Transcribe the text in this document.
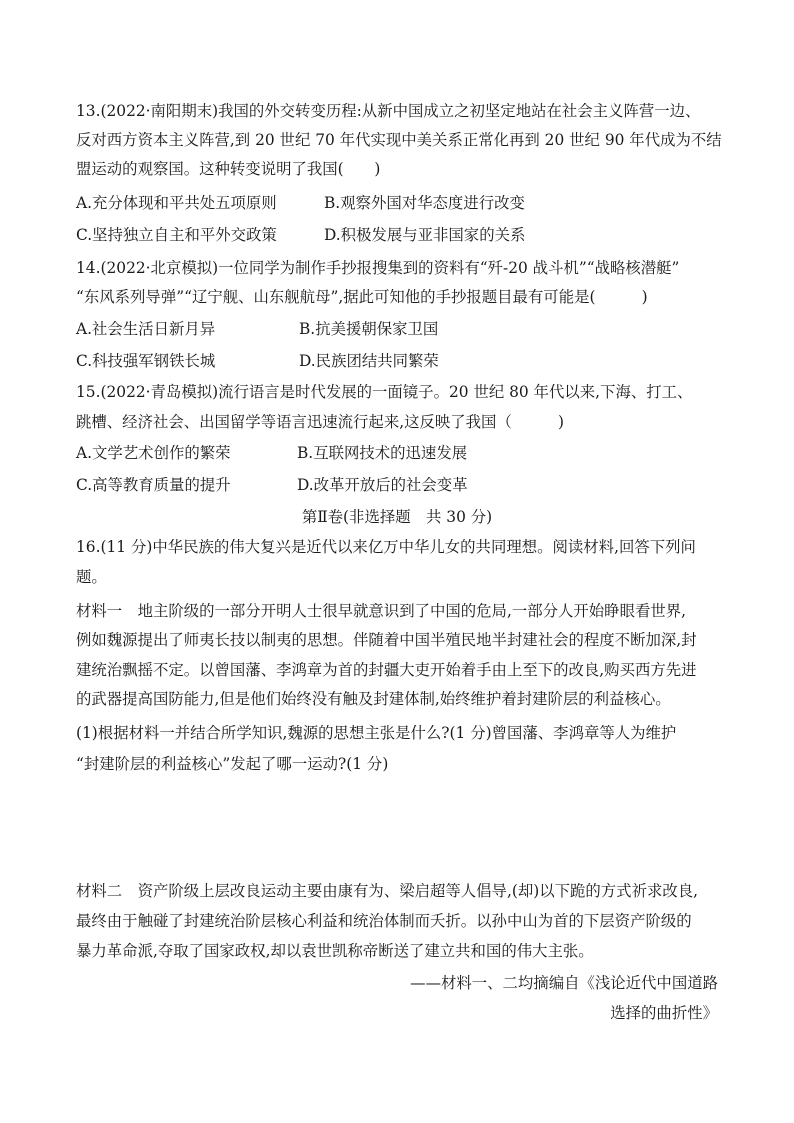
13.(2022·南阳期末)我国的外交转变历程:从新中国成立之初坚定地站在社会主义阵营一边、
反对西方资本主义阵营,到 20 世纪 70 年代实现中美关系正常化再到 20 世纪 90 年代成为不结
盟运动的观察国。这种转变说明了我国(　　)
A.充分体现和平共处五项原则	B.观察外国对华态度进行改变
C.坚持独立自主和平外交政策	D.积极发展与亚非国家的关系
14.(2022·北京模拟)一位同学为制作手抄报搜集到的资料有“歼-20 战斗机”“战略核潜艇”
“东风系列导弹”“辽宁舰、山东舰航母”,据此可知他的手抄报题目最有可能是(　　　)
A.社会生活日新月异	B.抗美援朝保家卫国
C.科技强军钢铁长城	D.民族团结共同繁荣
15.(2022·青岛模拟)流行语言是时代发展的一面镜子。20 世纪 80 年代以来,下海、打工、
跳槽、经济社会、出国留学等语言迅速流行起来,这反映了我国（　　　)
A.文学艺术创作的繁荣	B.互联网技术的迅速发展
C.高等教育质量的提升	D.改革开放后的社会变革
第Ⅱ卷(非选择题　共 30 分)
16.(11 分)中华民族的伟大复兴是近代以来亿万中华儿女的共同理想。阅读材料,回答下列问
题。
材料一　地主阶级的一部分开明人士很早就意识到了中国的危局,一部分人开始睁眼看世界,
例如魏源提出了师夷长技以制夷的思想。伴随着中国半殖民地半封建社会的程度不断加深,封
建统治飘摇不定。以曾国藩、李鸿章为首的封疆大吏开始着手由上至下的改良,购买西方先进
的武器提高国防能力,但是他们始终没有触及封建体制,始终维护着封建阶层的利益核心。
(1)根据材料一并结合所学知识,魏源的思想主张是什么?(1 分)曾国藩、李鸿章等人为维护
“封建阶层的利益核心”发起了哪一运动?(1 分)
材料二　资产阶级上层改良运动主要由康有为、梁启超等人倡导,(却)以下跪的方式祈求改良,
最终由于触碰了封建统治阶层核心利益和统治体制而夭折。以孙中山为首的下层资产阶级的
暴力革命派,夺取了国家政权,却以袁世凯称帝断送了建立共和国的伟大主张。
——材料一、二均摘编自《浅论近代中国道路
选择的曲折性》
